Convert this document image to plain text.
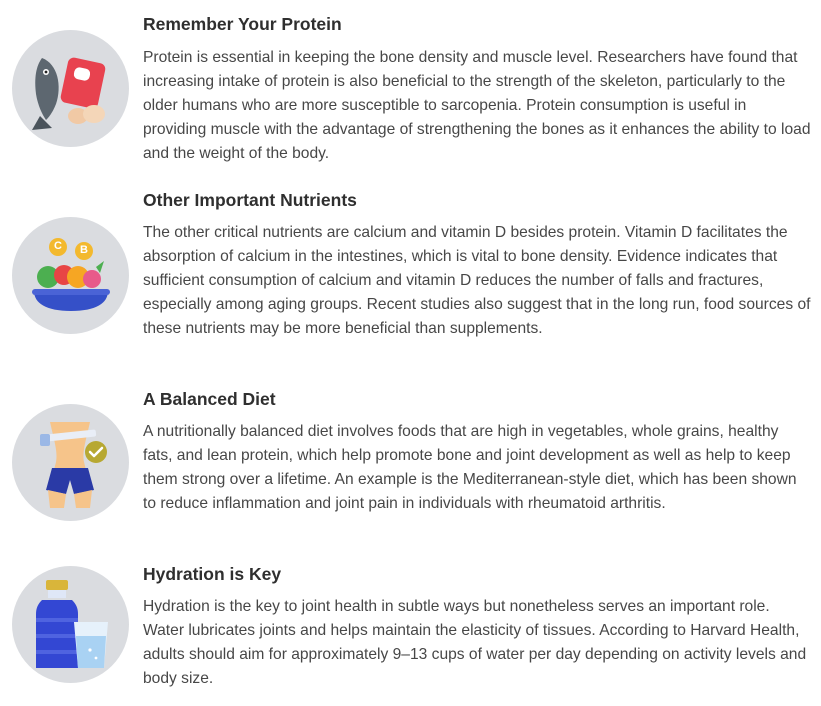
Remember Your Protein

Protein is essential in keeping the bone density and muscle level. Researchers have found that increasing intake of protein is also beneficial to the strength of the skeleton, particularly to the older humans who are more susceptible to sarcopenia. Protein consumption is useful in providing muscle with the advantage of strengthening the bones as it enhances the ability to load and the weight of the body.

C B
Other Important Nutrients

The other critical nutrients are calcium and vitamin D besides protein. Vitamin D facilitates the absorption of calcium in the intestines, which is vital to bone density. Evidence indicates that sufficient consumption of calcium and vitamin D reduces the number of falls and fractures, especially among aging groups. Recent studies also suggest that in the long run, food sources of these nutrients may be more beneficial than supplements.

A Balanced Diet

A nutritionally balanced diet involves foods that are high in vegetables, whole grains, healthy fats, and lean protein, which help promote bone and joint development as well as help to keep them strong over a lifetime. An example is the Mediterranean-style diet, which has been shown to reduce inflammation and joint pain in individuals with rheumatoid arthritis.

Hydration is Key

Hydration is the key to joint health in subtle ways but nonetheless serves an important role. Water lubricates joints and helps maintain the elasticity of tissues. According to Harvard Health, adults should aim for approximately 9–13 cups of water per day depending on activity levels and body size.
